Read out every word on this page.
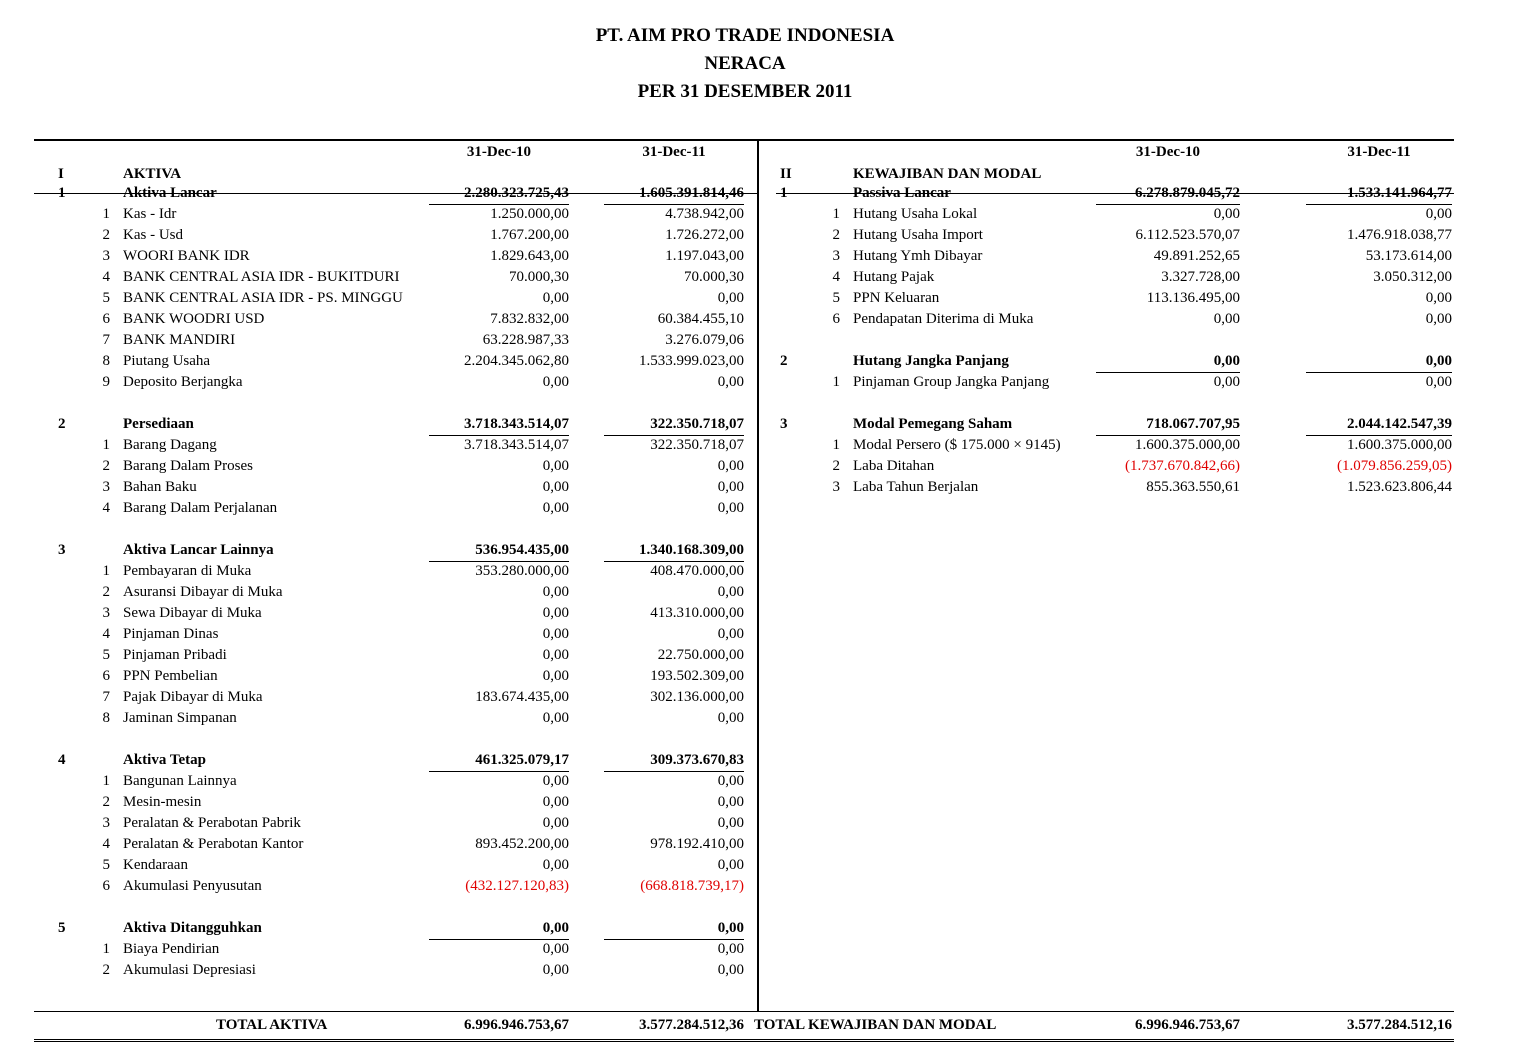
PT. AIM PRO TRADE INDONESIA
NERACA
PER 31 DESEMBER 2011
31-Dec-10	31-Dec-11
I	AKTIVA
1	Aktiva Lancar	2.280.323.725,43	1.605.391.814,46
1 Kas - Idr	1.250.000,00	4.738.942,00
2 Kas - Usd	1.767.200,00	1.726.272,00
3 WOORI BANK IDR	1.829.643,00	1.197.043,00
4 BANK CENTRAL ASIA IDR - BUKITDURI	70.000,30	70.000,30
5 BANK CENTRAL ASIA IDR - PS. MINGGU	0,00	0,00
6 BANK WOODRI USD	7.832.832,00	60.384.455,10
7 BANK MANDIRI	63.228.987,33	3.276.079,06
8 Piutang Usaha	2.204.345.062,80	1.533.999.023,00
9 Deposito Berjangka	0,00	0,00
2	Persediaan	3.718.343.514,07	322.350.718,07
1 Barang Dagang	3.718.343.514,07	322.350.718,07
2 Barang Dalam Proses	0,00	0,00
3 Bahan Baku	0,00	0,00
4 Barang Dalam Perjalanan	0,00	0,00
3	Aktiva Lancar Lainnya	536.954.435,00	1.340.168.309,00
1 Pembayaran di Muka	353.280.000,00	408.470.000,00
2 Asuransi Dibayar di Muka	0,00	0,00
3 Sewa Dibayar di Muka	0,00	413.310.000,00
4 Pinjaman Dinas	0,00	0,00
5 Pinjaman Pribadi	0,00	22.750.000,00
6 PPN Pembelian	0,00	193.502.309,00
7 Pajak Dibayar di Muka	183.674.435,00	302.136.000,00
8 Jaminan Simpanan	0,00	0,00
4	Aktiva Tetap	461.325.079,17	309.373.670,83
1 Bangunan Lainnya	0,00	0,00
2 Mesin-mesin	0,00	0,00
3 Peralatan & Perabotan Pabrik	0,00	0,00
4 Peralatan & Perabotan Kantor	893.452.200,00	978.192.410,00
5 Kendaraan	0,00	0,00
6 Akumulasi Penyusutan	(432.127.120,83)	(668.818.739,17)
5	Aktiva Ditangguhkan	0,00	0,00
1 Biaya Pendirian	0,00	0,00
2 Akumulasi Depresiasi	0,00	0,00
TOTAL AKTIVA	6.996.946.753,67	3.577.284.512,36
31-Dec-10	31-Dec-11
II	KEWAJIBAN DAN MODAL
1	Passiva Lancar	6.278.879.045,72	1.533.141.964,77
1 Hutang Usaha Lokal	0,00	0,00
2 Hutang Usaha Import	6.112.523.570,07	1.476.918.038,77
3 Hutang Ymh Dibayar	49.891.252,65	53.173.614,00
4 Hutang Pajak	3.327.728,00	3.050.312,00
5 PPN Keluaran	113.136.495,00	0,00
6 Pendapatan Diterima di Muka	0,00	0,00
2	Hutang Jangka Panjang	0,00	0,00
1 Pinjaman Group Jangka Panjang	0,00	0,00
3	Modal Pemegang Saham	718.067.707,95	2.044.142.547,39
1 Modal Persero ($ 175.000 × 9145)	1.600.375.000,00	1.600.375.000,00
2 Laba Ditahan	(1.737.670.842,66)	(1.079.856.259,05)
3 Laba Tahun Berjalan	855.363.550,61	1.523.623.806,44
TOTAL KEWAJIBAN DAN MODAL	6.996.946.753,67	3.577.284.512,16
